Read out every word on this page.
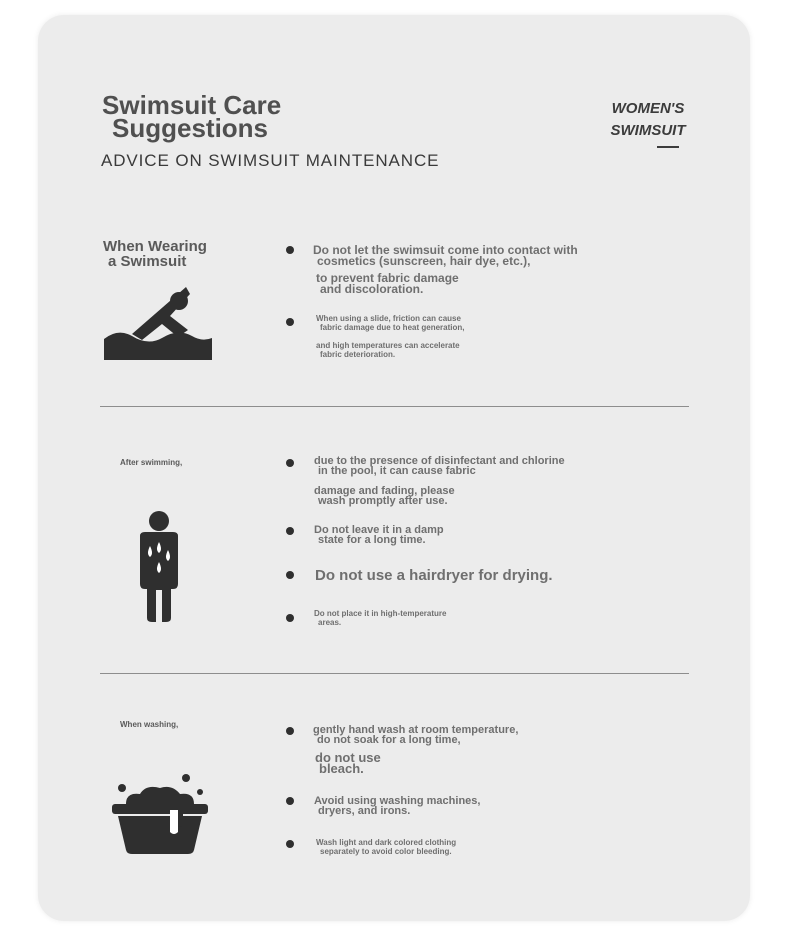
Swimsuit Care
Suggestions
ADVICE ON SWIMSUIT MAINTENANCE
WOMEN'S
SWIMSUIT
When Wearing
a Swimsuit
Do not let the swimsuit come into contact with
cosmetics (sunscreen, hair dye, etc.),
to prevent fabric damage
and discoloration.
When using a slide, friction can cause
fabric damage due to heat generation,
and high temperatures can accelerate
fabric deterioration.
After swimming,	due to the presence of disinfectant and chlorine
in the pool, it can cause fabric
damage and fading, please
wash promptly after use.
Do not leave it in a damp
state for a long time.
Do not use a hairdryer for drying.
Do not place it in high-temperature
areas.
When washing,	gently hand wash at room temperature,
do not soak for a long time,
do not use
bleach.
Avoid using washing machines,
dryers, and irons.
Wash light and dark colored clothing
separately to avoid color bleeding.
